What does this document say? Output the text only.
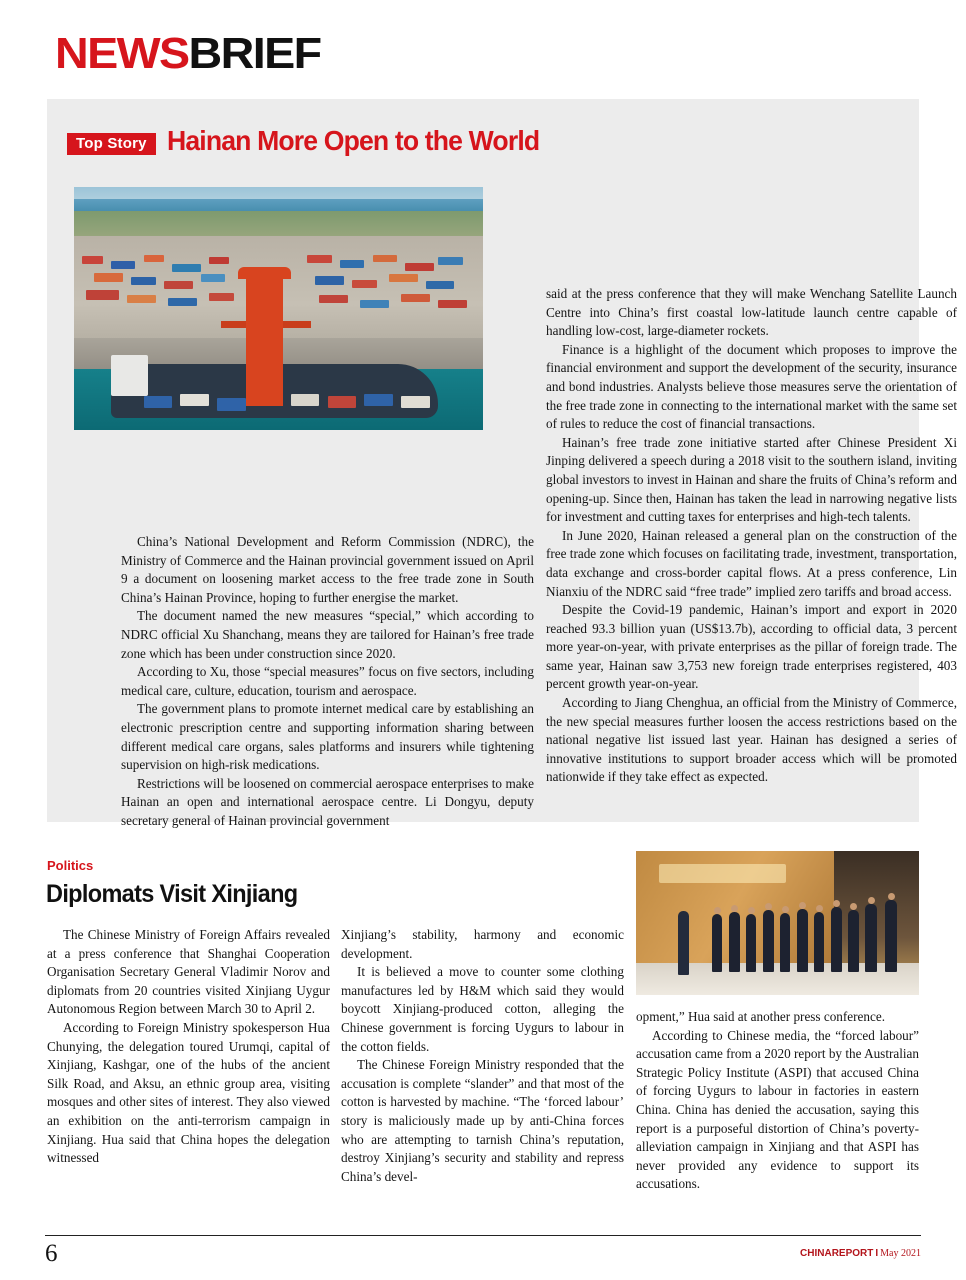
NEWSBRIEF
Top Story Hainan More Open to the World

China’s National Development and Reform Commission (NDRC), the Ministry of Commerce and the Hainan provincial government issued on April 9 a document on loosening market access to the free trade zone in South China’s Hainan Province, hoping to further energise the market.

The document named the new measures “special,” which according to NDRC official Xu Shanchang, means they are tailored for Hainan’s free trade zone which has been under construction since 2020.

According to Xu, those “special measures” focus on five sectors, including medical care, culture, education, tourism and aerospace.

The government plans to promote internet medical care by establishing an electronic prescription centre and supporting information sharing between different medical care organs, sales platforms and insurers while tightening supervision on high-risk medications.

Restrictions will be loosened on commercial aerospace enterprises to make Hainan an open and international aerospace centre. Li Dongyu, deputy secretary general of Hainan provincial government

said at the press conference that they will make Wenchang Satellite Launch Centre into China’s first coastal low-latitude launch centre capable of handling low-cost, large-diameter rockets.

Finance is a highlight of the document which proposes to improve the financial environment and support the development of the security, insurance and bond industries. Analysts believe those measures serve the orientation of the free trade zone in connecting to the international market with the same set of rules to reduce the cost of financial transactions.

Hainan’s free trade zone initiative started after Chinese President Xi Jinping delivered a speech during a 2018 visit to the southern island, inviting global investors to invest in Hainan and share the fruits of China’s reform and opening-up. Since then, Hainan has taken the lead in narrowing negative lists for investment and cutting taxes for enterprises and high-tech talents.

In June 2020, Hainan released a general plan on the construction of the free trade zone which focuses on facilitating trade, investment, transportation, data exchange and cross-border capital flows. At a press conference, Lin Nianxiu of the NDRC said “free trade” implied zero tariffs and broad access.

Despite the Covid-19 pandemic, Hainan’s import and export in 2020 reached 93.3 billion yuan (US$13.7b), according to official data, 3 percent more year-on-year, with private enterprises as the pillar of foreign trade. The same year, Hainan saw 3,753 new foreign trade enterprises registered, 403 percent growth year-on-year.

According to Jiang Chenghua, an official from the Ministry of Commerce, the new special measures further loosen the access restrictions based on the national negative list issued last year. Hainan has designed a series of innovative institutions to support broader access which will be promoted nationwide if they take effect as expected.

Politics
Diplomats Visit Xinjiang

The Chinese Ministry of Foreign Affairs revealed at a press conference that Shanghai Cooperation Organisation Secretary General Vladimir Norov and diplomats from 20 countries visited Xinjiang Uygur Autonomous Region between March 30 to April 2.

According to Foreign Ministry spokesperson Hua Chunying, the delegation toured Urumqi, capital of Xinjiang, Kashgar, one of the hubs of the ancient Silk Road, and Aksu, an ethnic group area, visiting mosques and other sites of interest. They also viewed an exhibition on the anti-terrorism campaign in Xinjiang. Hua said that China hopes the delegation witnessed

Xinjiang’s stability, harmony and economic development.

It is believed a move to counter some clothing manufactures led by H&M which said they would boycott Xinjiang-produced cotton, alleging the Chinese government is forcing Uygurs to labour in the cotton fields.

The Chinese Foreign Ministry responded that the accusation is complete “slander” and that most of the cotton is harvested by machine. “The ‘forced labour’ story is maliciously made up by anti-China forces who are attempting to tarnish China’s reputation, destroy Xinjiang’s security and stability and repress China’s devel-

opment,” Hua said at another press conference.

According to Chinese media, the “forced labour” accusation came from a 2020 report by the Australian Strategic Policy Institute (ASPI) that accused China of forcing Uygurs to labour in factories in eastern China. China has denied the accusation, saying this report is a purposeful distortion of China’s poverty-alleviation campaign in Xinjiang and that ASPI has never provided any evidence to support its accusations.

6	CHINAREPORT I May 2021
